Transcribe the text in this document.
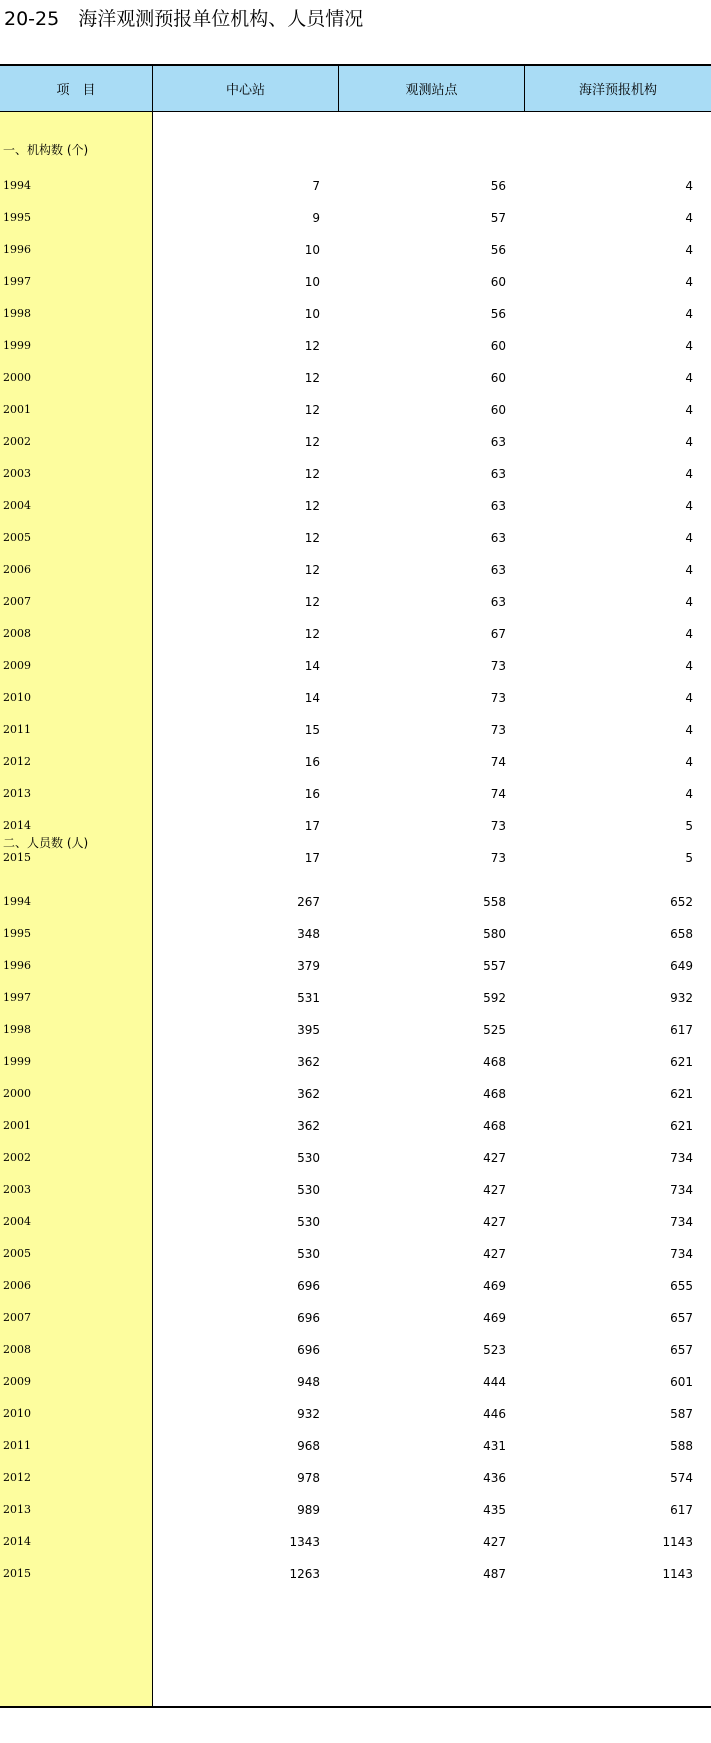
20-25　海洋观测预报单位机构、人员情况
项　目	中心站	观测站点	海洋预报机构
一、机构数 (个)
1994	7	56	4
1995	9	57	4
1996	10	56	4
1997	10	60	4
1998	10	56	4
1999	12	60	4
2000	12	60	4
2001	12	60	4
2002	12	63	4
2003	12	63	4
2004	12	63	4
2005	12	63	4
2006	12	63	4
2007	12	63	4
2008	12	67	4
2009	14	73	4
2010	14	73	4
2011	15	73	4
2012	16	74	4
2013	16	74	4
2014	17	73	5
2015	17	73	5
二、人员数 (人)
1994	267	558	652
1995	348	580	658
1996	379	557	649
1997	531	592	932
1998	395	525	617
1999	362	468	621
2000	362	468	621
2001	362	468	621
2002	530	427	734
2003	530	427	734
2004	530	427	734
2005	530	427	734
2006	696	469	655
2007	696	469	657
2008	696	523	657
2009	948	444	601
2010	932	446	587
2011	968	431	588
2012	978	436	574
2013	989	435	617
2014	1343	427	1143
2015	1263	487	1143
